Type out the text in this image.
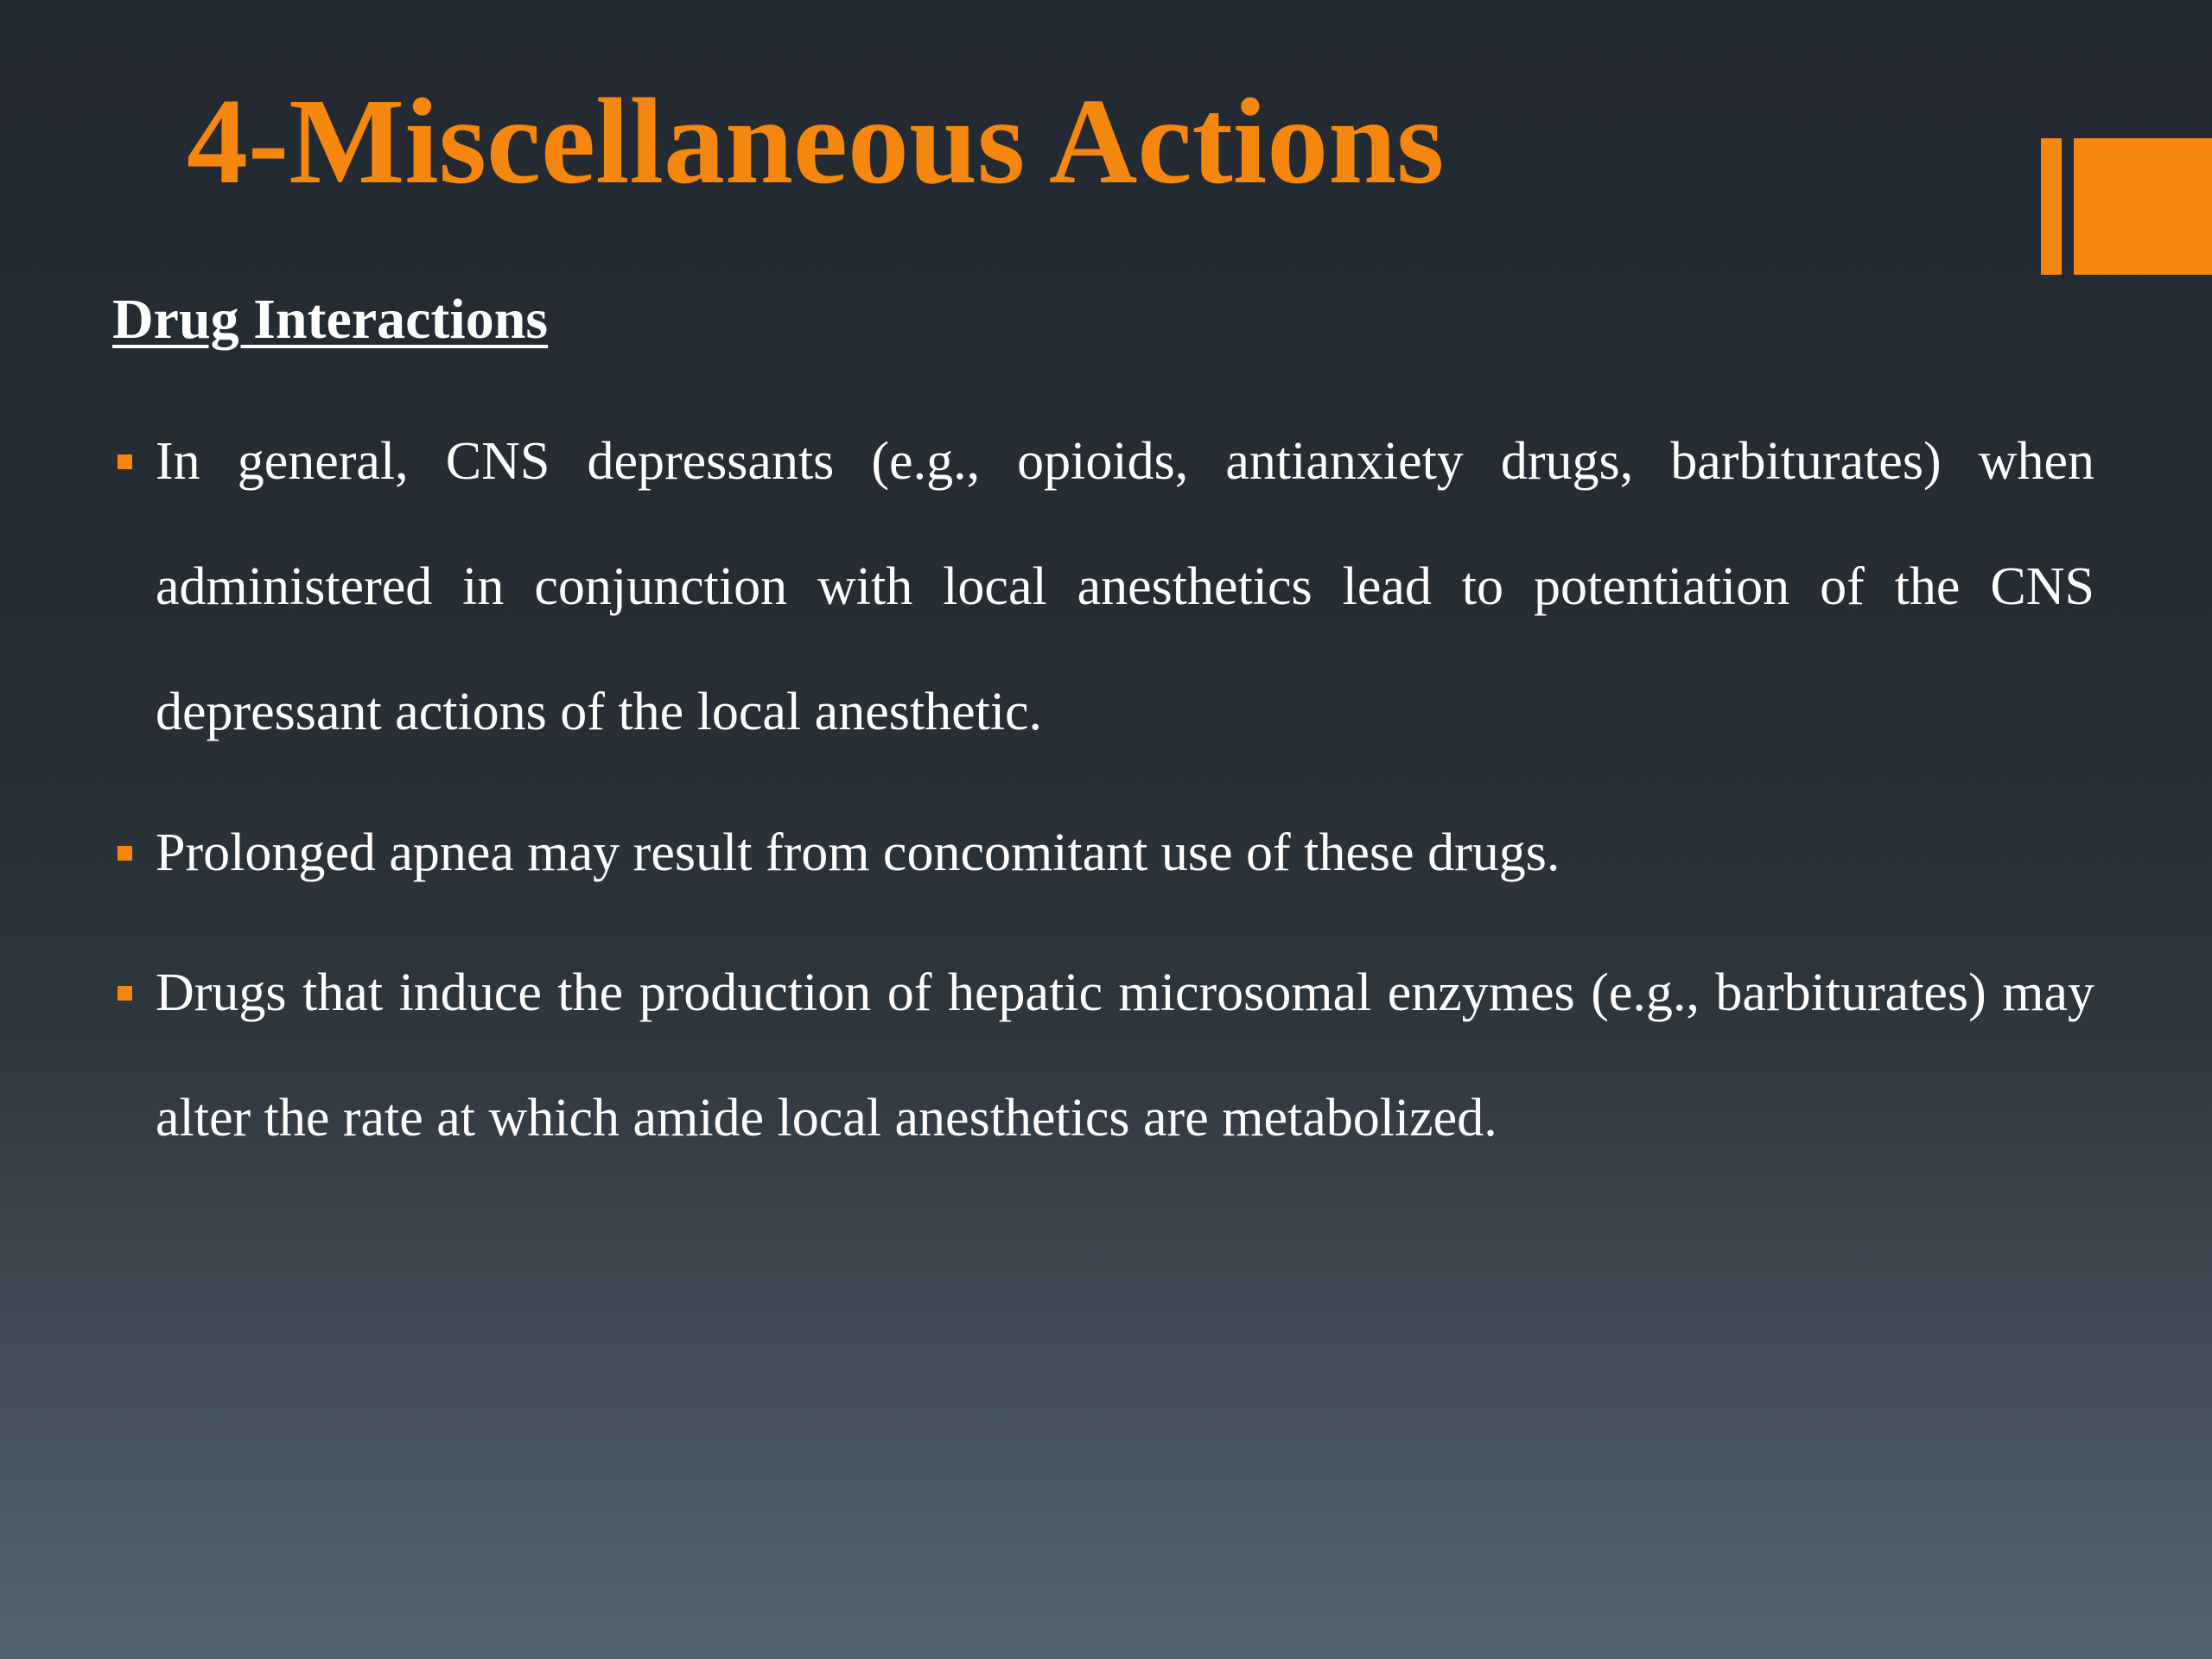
4-Miscellaneous Actions
Drug Interactions
In general, CNS depressants (e.g., opioids, antianxiety drugs, barbiturates) when administered in conjunction with local anesthetics lead to potentiation of the CNS depressant actions of the local anesthetic.
Prolonged apnea may result from concomitant use of these drugs.
Drugs that induce the production of hepatic microsomal enzymes (e.g., barbiturates) may alter the rate at which amide local anesthetics are metabolized.
